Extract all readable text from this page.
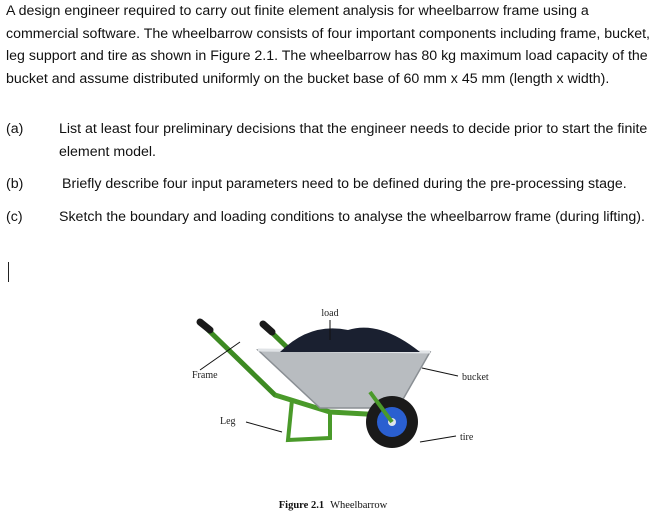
A design engineer required to carry out finite element analysis for wheelbarrow frame using a commercial software. The wheelbarrow consists of four important components including frame, bucket, leg support and tire as shown in Figure 2.1. The wheelbarrow has 80 kg maximum load capacity of the bucket and assume distributed uniformly on the bucket base of 60 mm x 45 mm (length x width).
(a)	List at least four preliminary decisions that the engineer needs to decide prior to start the finite element model.
(b)	Briefly describe four input parameters need to be defined during the pre-processing stage.
(c)	Sketch the boundary and loading conditions to analyse the wheelbarrow frame (during lifting).
load
Frame
Leg
bucket
tire
Figure 2.1 Wheelbarrow
